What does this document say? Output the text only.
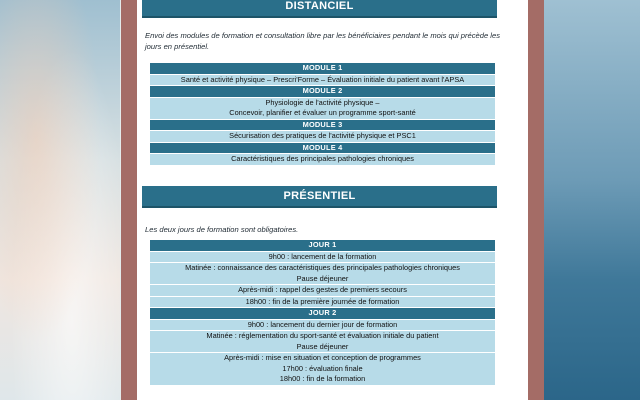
DISTANCIEL

Envoi des modules de formation et consultation libre par les bénéficiaires pendant le mois qui précède les jours en présentiel.

MODULE 1
Santé et activité physique – Prescri'Forme – Évaluation initiale du patient avant l'APSA
MODULE 2
Physiologie de l'activité physique –
Concevoir, planifier et évaluer un programme sport-santé
MODULE 3
Sécurisation des pratiques de l'activité physique et PSC1
MODULE 4
Caractéristiques des principales pathologies chroniques
PRÉSENTIEL

Les deux jours de formation sont obligatoires.

JOUR 1
9h00 : lancement de la formation
Matinée : connaissance des caractéristiques des principales pathologies chroniques
Pause déjeuner
Après-midi : rappel des gestes de premiers secours
18h00 : fin de la première journée de formation
JOUR 2
9h00 : lancement du dernier jour de formation
Matinée : réglementation du sport-santé et évaluation initiale du patient
Pause déjeuner
Après-midi : mise en situation et conception de programmes
17h00 : évaluation finale
18h00 : fin de la formation
